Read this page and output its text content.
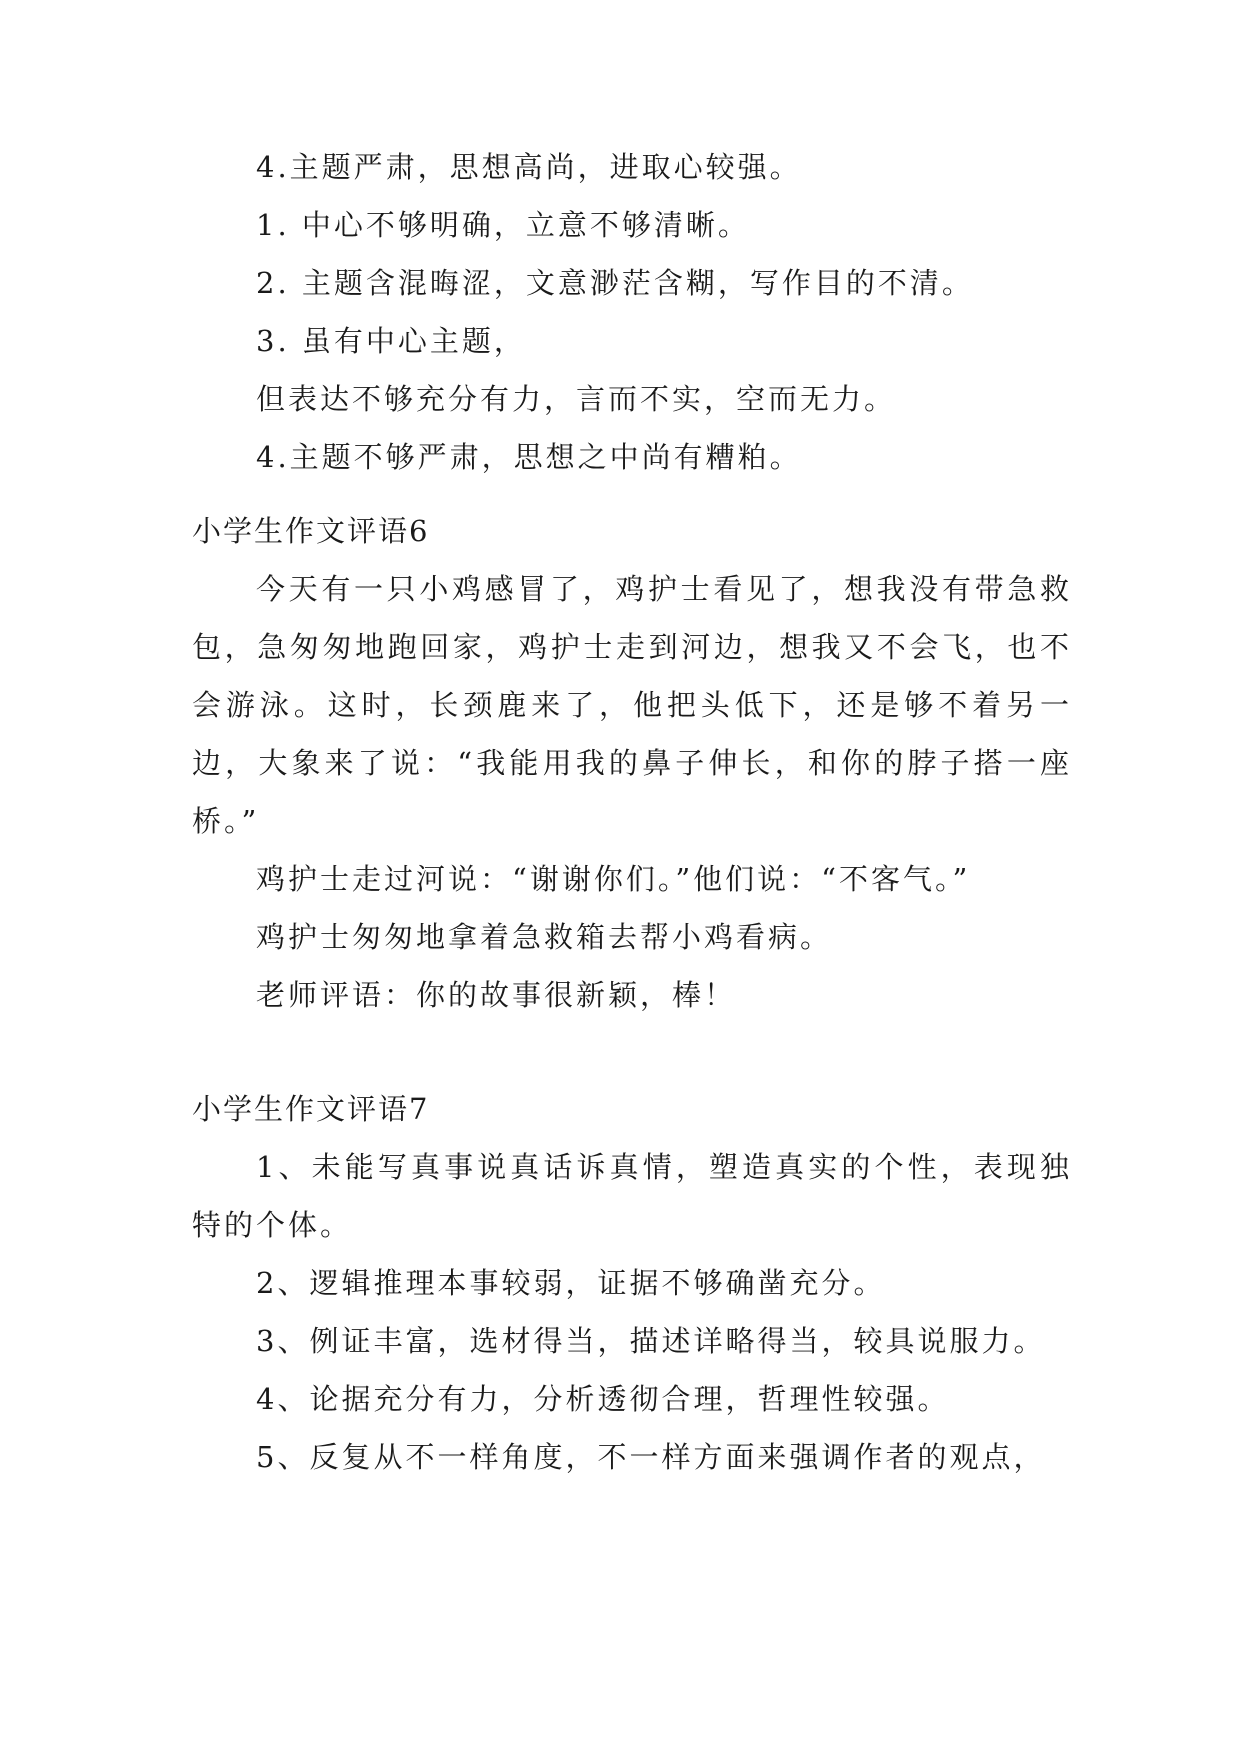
4.主题严肃，思想高尚，进取心较强。
1. 中心不够明确，立意不够清晰。
2. 主题含混晦涩，文意渺茫含糊，写作目的不清。
3. 虽有中心主题，
但表达不够充分有力，言而不实，空而无力。
4.主题不够严肃，思想之中尚有糟粕。
小学生作文评语6
今天有一只小鸡感冒了，鸡护士看见了，想我没有带急救包，急匆匆地跑回家，鸡护士走到河边，想我又不会飞，也不会游泳。这时，长颈鹿来了，他把头低下，还是够不着另一边，大象来了说：“我能用我的鼻子伸长，和你的脖子搭一座桥。”
鸡护士走过河说：“谢谢你们。”他们说：“不客气。”
鸡护士匆匆地拿着急救箱去帮小鸡看病。
老师评语：你的故事很新颖，棒！
小学生作文评语7
1、未能写真事说真话诉真情，塑造真实的个性，表现独特的个体。
2、逻辑推理本事较弱，证据不够确凿充分。
3、例证丰富，选材得当，描述详略得当，较具说服力。
4、论据充分有力，分析透彻合理，哲理性较强。
5、反复从不一样角度，不一样方面来强调作者的观点，
